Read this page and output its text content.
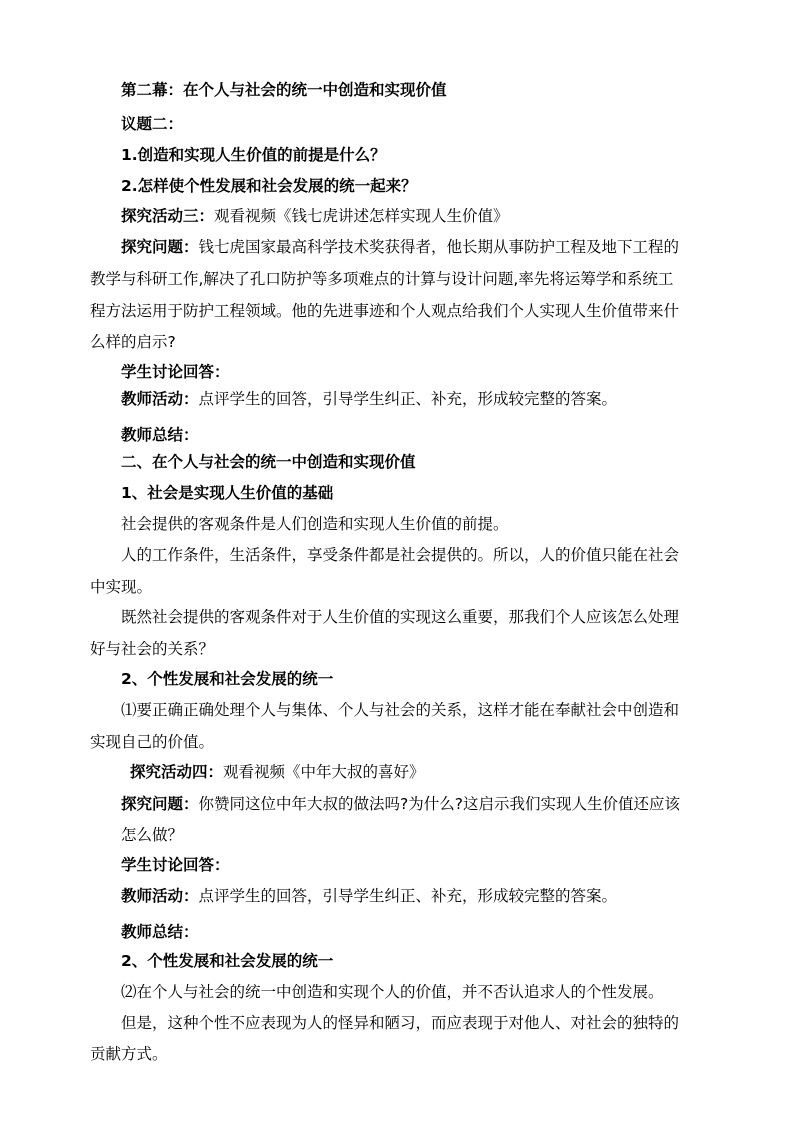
第二幕：在个人与社会的统一中创造和实现价值
议题二：
1.创造和实现人生价值的前提是什么？
2.怎样使个性发展和社会发展的统一起来？
探究活动三：观看视频《钱七虎讲述怎样实现人生价值》
探究问题：钱七虎国家最高科学技术奖获得者，他长期从事防护工程及地下工程的
教学与科研工作,解决了孔口防护等多项难点的计算与设计问题,率先将运筹学和系统工
程方法运用于防护工程领域。他的先进事迹和个人观点给我们个人实现人生价值带来什
么样的启示?
学生讨论回答：
教师活动：点评学生的回答，引导学生纠正、补充，形成较完整的答案。
教师总结：
二、在个人与社会的统一中创造和实现价值
1、社会是实现人生价值的基础
社会提供的客观条件是人们创造和实现人生价值的前提。
人的工作条件，生活条件，享受条件都是社会提供的。所以，人的价值只能在社会
中实现。
既然社会提供的客观条件对于人生价值的实现这么重要，那我们个人应该怎么处理
好与社会的关系？
2、个性发展和社会发展的统一
⑴要正确正确处理个人与集体、个人与社会的关系，这样才能在奉献社会中创造和
实现自己的价值。
探究活动四：观看视频《中年大叔的喜好》
探究问题：你赞同这位中年大叔的做法吗?为什么?这启示我们实现人生价值还应该
怎么做？
学生讨论回答：
教师活动：点评学生的回答，引导学生纠正、补充，形成较完整的答案。
教师总结：
2、个性发展和社会发展的统一
⑵在个人与社会的统一中创造和实现个人的价值，并不否认追求人的个性发展。
但是，这种个性不应表现为人的怪异和陋习，而应表现于对他人、对社会的独特的
贡献方式。
